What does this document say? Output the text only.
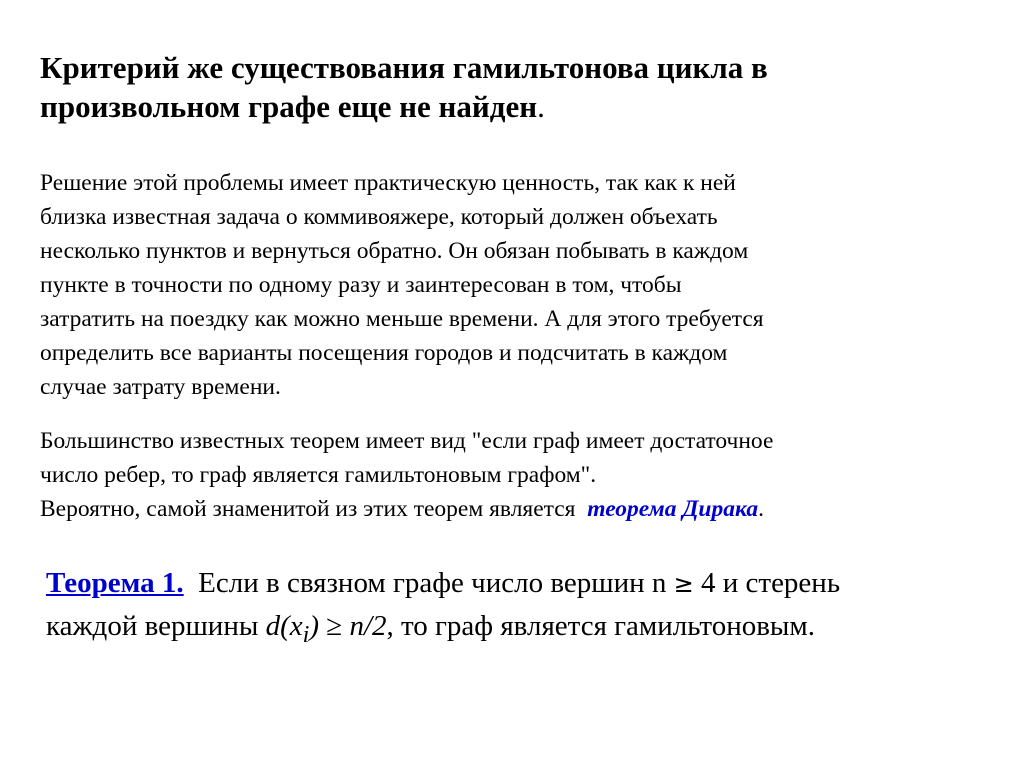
Критерий же существования гамильтонова цикла в
произвольном графе еще не найден.

Решение этой проблемы имеет практическую ценность, так как к ней
близка известная задача о коммивояжере, который должен объехать
несколько пунктов и вернуться обратно. Он обязан побывать в каждом
пункте в точности по одному разу и заинтересован в том, чтобы
затратить на поездку как можно меньше времени. А для этого требуется
определить все варианты посещения городов и подсчитать в каждом
случае затрату времени.

Большинство известных теорем имеет вид "если граф имеет достаточное
число ребер, то граф является гамильтоновым графом".
Вероятно, самой знаменитой из этих теорем является  теорема Дирака.

Теорема 1.  Если в связном графе число вершин n ≥ 4 и стерень
каждой вершины $d(x_i) \ge n/2$, то граф является гамильтоновым.
